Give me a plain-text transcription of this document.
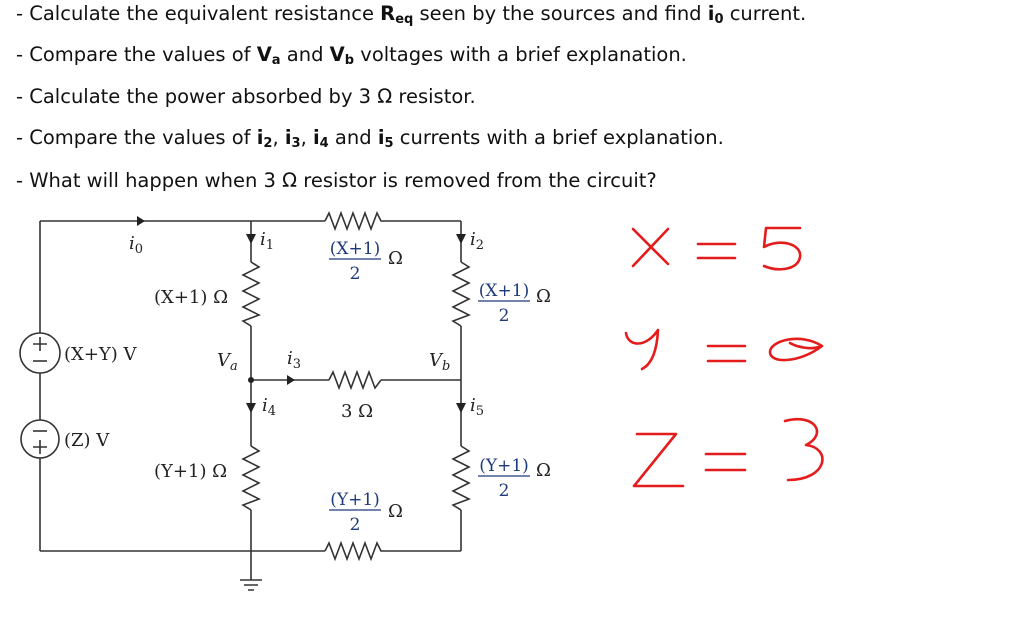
- Calculate the equivalent resistance $R_{eq}$ seen by the sources and find $i_0$ current.
- Compare the values of $V_a$ and $V_b$ voltages with a brief explanation.
- Calculate the power absorbed by 3 Ω resistor.
- Compare the values of $i_2$, $i_3$, $i_4$ and $i_5$ currents with a brief explanation.
- What will happen when 3 Ω resistor is removed from the circuit?
$i_0$	$i_1$	$i_2$
$i_3$
$i_4$	$i_5$
$V_a$	$V_b$
(X+Y) V
(Z) V
(X+1) Ω
(Y+1) Ω
3 Ω
(X+1)
2
Ω
(X+1)
2
Ω
(Y+1)
2
Ω
(Y+1)
2
Ω
